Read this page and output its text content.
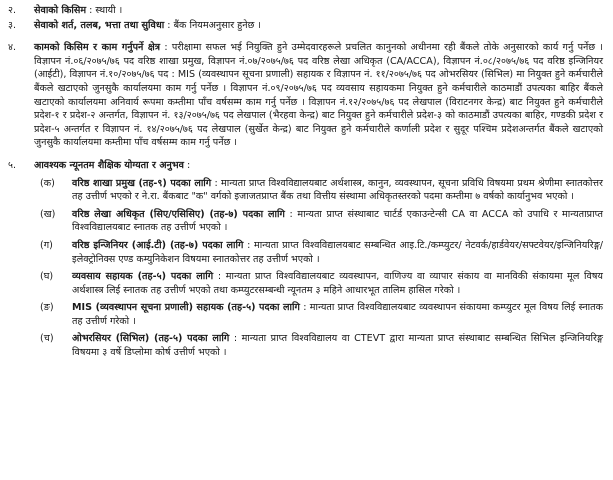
२.	सेवाको किसिम : स्थायी ।
३.	सेवाको शर्त, तलब, भत्ता तथा सुविधा : बैंक नियमअनुसार हुनेछ ।
४.	कामको किसिम र काम गर्नुपर्ने क्षेत्र : परीक्षामा सफल भई नियुक्ति हुने उम्मेदवारहरूले प्रचलित कानुनको अधीनमा रही बैंकले तोके अनुसारको कार्य गर्नु पर्नेछ । विज्ञापन नं.०६/२०७५/७६ पद वरिष्ठ शाखा प्रमुख, विज्ञापन नं.०७/२०७५/७६ पद वरिष्ठ लेखा अधिकृत (CA/ACCA), विज्ञापन नं.०८/२०७५/७६ पद वरिष्ठ इन्जिनियर (आईटी), विज्ञापन नं.१०/२०७५/७६ पद : MIS (व्यवस्थापन सूचना प्रणाली) सहायक र विज्ञापन नं. ११/२०७५/७६ पद ओभरसियर (सिभिल) मा नियुक्त हुने कर्मचारीले बैंकले खटाएको जुनसुकै कार्यालयमा काम गर्नु पर्नेछ । विज्ञापन नं.०९/२०७५/७६ पद व्यवसाय सहायकमा नियुक्त हुने कर्मचारीले काठमाडौं उपत्यका बाहिर बैंकले खटाएको कार्यालयमा अनिवार्य रूपमा कम्तीमा पाँच वर्षसम्म काम गर्नु पर्नेछ । विज्ञापन नं.१२/२०७५/७६ पद लेखपाल (विराटनगर केन्द्र) बाट नियुक्त हुने कर्मचारीले प्रदेश-१ र प्रदेश-२ अन्तर्गत, विज्ञापन नं. १३/२०७५/७६ पद लेखपाल (भैरहवा केन्द्र) बाट नियुक्त हुने कर्मचारीले प्रदेश-३ को काठमाडौं उपत्यका बाहिर, गण्डकी प्रदेश र प्रदेश-५ अन्तर्गत र विज्ञापन नं. १४/२०७५/७६ पद लेखपाल (सुर्खेत केन्द्र) बाट नियुक्त हुने कर्मचारीले कर्णाली प्रदेश र सुदूर पश्चिम प्रदेशअन्तर्गत बैंकले खटाएको जुनसुकै कार्यालयमा कम्तीमा पाँच वर्षसम्म काम गर्नु पर्नेछ ।
५.	आवश्यक न्यूनतम शैक्षिक योग्यता र अनुभव :
(क)	वरिष्ठ शाखा प्रमुख (तह-९) पदका लागि : मान्यता प्राप्त विश्वविद्यालयबाट अर्थशास्त्र, कानुन, व्यवस्थापन, सूचना प्रविधि विषयमा प्रथम श्रेणीमा स्नातकोत्तर तह उत्तीर्ण भएको र ने.रा. बैंकबाट "क" वर्गको इजाजतप्राप्त बैंक तथा वित्तीय संस्थामा अधिकृतस्तरको पदमा कम्तीमा ७ वर्षको कार्यानुभव भएको ।
(ख)	वरिष्ठ लेखा अधिकृत (सिए/एसिसिए) (तह-७) पदका लागि : मान्यता प्राप्त संस्थाबाट चार्टर्ड एकाउन्टेन्सी CA वा ACCA को उपाधि र मान्यताप्राप्त विश्वविद्यालयबाट स्नातक तह उत्तीर्ण भएको ।
(ग)	वरिष्ठ इन्जिनियर (आई.टी) (तह-७) पदका लागि : मान्यता प्राप्त विश्वविद्यालयबाट सम्बन्धित आइ.टि./कम्प्युटर/ नेटवर्क/हार्डवेयर/सफ्टवेयर/इन्जिनियरिङ्ग/इलेक्ट्रोनिक्स एण्ड कम्युनिकेशन विषयमा स्नातकोत्तर तह उत्तीर्ण भएको ।
(घ)	व्यवसाय सहायक (तह-५) पदका लागि : मान्यता प्राप्त विश्वविद्यालयबाट व्यवस्थापन, वाणिज्य वा व्यापार संकाय वा मानविकी संकायमा मूल विषय अर्थशास्त्र लिई स्नातक तह उत्तीर्ण भएको तथा कम्प्युटरसम्बन्धी न्यूनतम ३ महिने आधारभूत तालिम हासिल गरेको ।
(ङ)	MIS (व्यवस्थापन सूचना प्रणाली) सहायक (तह-५) पदका लागि : मान्यता प्राप्त विश्वविद्यालयबाट व्यवस्थापन संकायमा कम्प्युटर मूल विषय लिई स्नातक तह उत्तीर्ण गरेको ।
(च)	ओभरसियर (सिभिल) (तह-५) पदका लागि : मान्यता प्राप्त विश्वविद्यालय वा CTEVT द्वारा मान्यता प्राप्त संस्थाबाट सम्बन्धित सिभिल इन्जिनियरिङ्ग विषयमा ३ वर्षे डिप्लोमा कोर्ष उत्तीर्ण भएको ।
